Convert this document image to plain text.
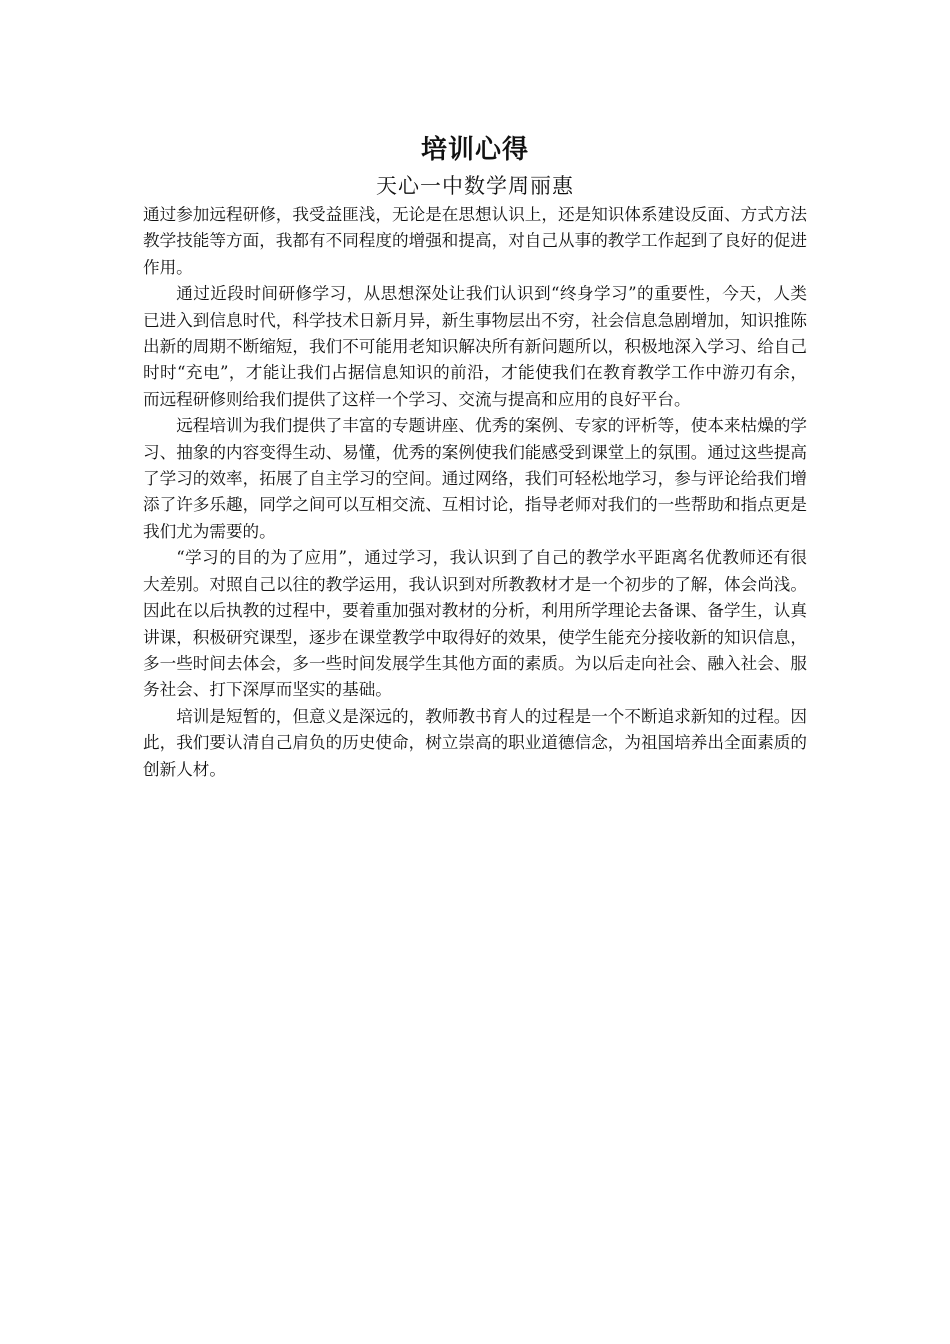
培训心得
天心一中数学周丽惠

通过参加远程研修，我受益匪浅，无论是在思想认识上，还是知识体系建设反面、方式方法教学技能等方面，我都有不同程度的增强和提高，对自己从事的教学工作起到了良好的促进作用。

通过近段时间研修学习，从思想深处让我们认识到“终身学习”的重要性，今天，人类已进入到信息时代，科学技术日新月异，新生事物层出不穷，社会信息急剧增加，知识推陈出新的周期不断缩短，我们不可能用老知识解决所有新问题所以，积极地深入学习、给自己时时“充电”，才能让我们占据信息知识的前沿，才能使我们在教育教学工作中游刃有余，而远程研修则给我们提供了这样一个学习、交流与提高和应用的良好平台。

远程培训为我们提供了丰富的专题讲座、优秀的案例、专家的评析等，使本来枯燥的学习、抽象的内容变得生动、易懂，优秀的案例使我们能感受到课堂上的氛围。通过这些提高了学习的效率，拓展了自主学习的空间。通过网络，我们可轻松地学习，参与评论给我们增添了许多乐趣，同学之间可以互相交流、互相讨论，指导老师对我们的一些帮助和指点更是我们尤为需要的。

“学习的目的为了应用”，通过学习，我认识到了自己的教学水平距离名优教师还有很大差别。对照自己以往的教学运用，我认识到对所教教材才是一个初步的了解，体会尚浅。因此在以后执教的过程中，要着重加强对教材的分析，利用所学理论去备课、备学生，认真讲课，积极研究课型，逐步在课堂教学中取得好的效果，使学生能充分接收新的知识信息，多一些时间去体会，多一些时间发展学生其他方面的素质。为以后走向社会、融入社会、服务社会、打下深厚而坚实的基础。

培训是短暂的，但意义是深远的，教师教书育人的过程是一个不断追求新知的过程。因此，我们要认清自己肩负的历史使命，树立崇高的职业道德信念，为祖国培养出全面素质的创新人材。
